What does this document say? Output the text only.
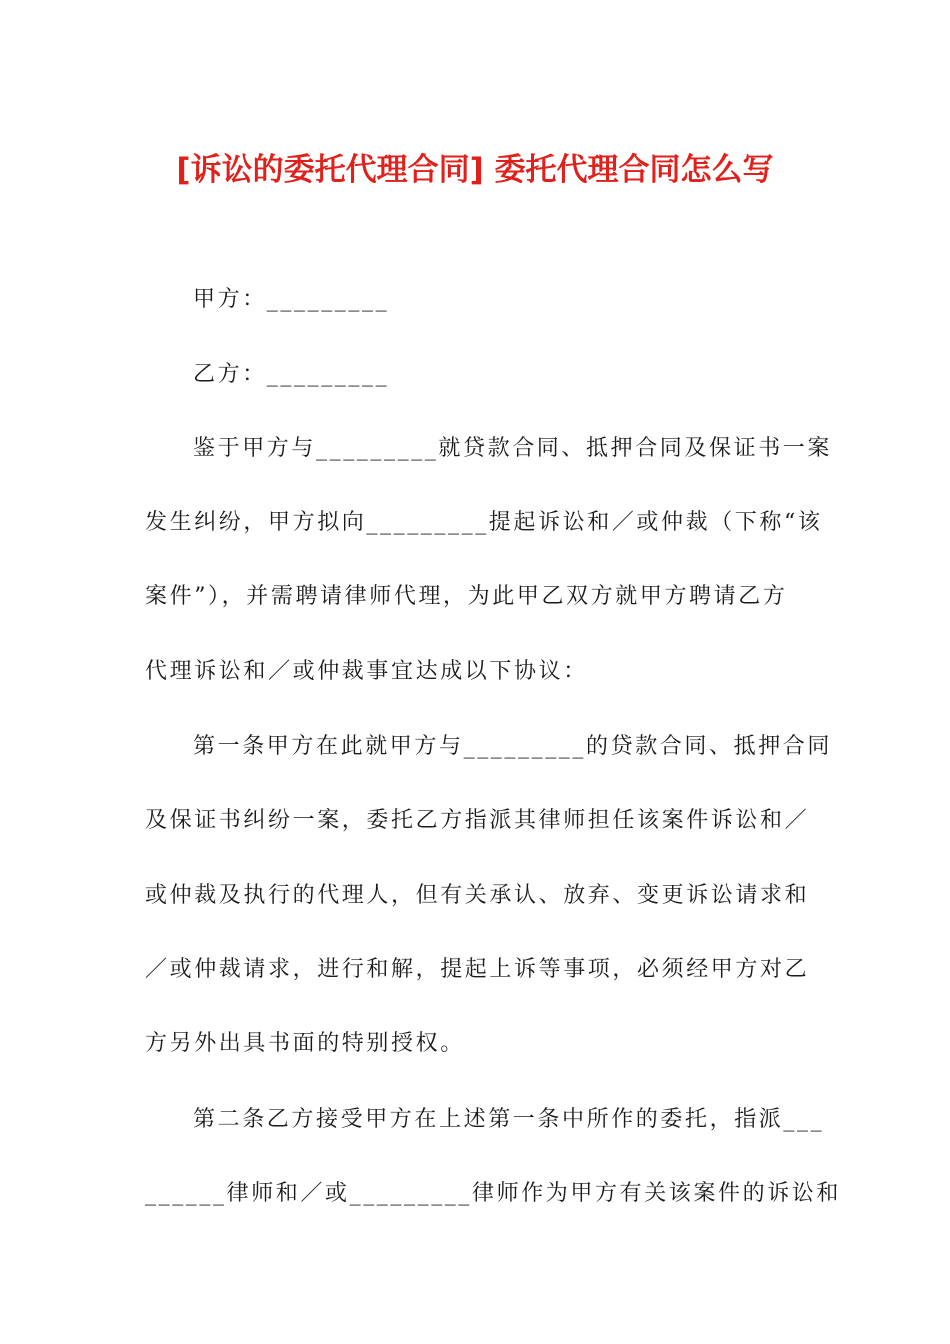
[诉讼的委托代理合同] 委托代理合同怎么写
甲方：_________
乙方：_________
鉴于甲方与_________就贷款合同、抵押合同及保证书一案
发生纠纷，甲方拟向_________提起诉讼和／或仲裁（下称“该
案件”），并需聘请律师代理，为此甲乙双方就甲方聘请乙方
代理诉讼和／或仲裁事宜达成以下协议：
第一条甲方在此就甲方与_________的贷款合同、抵押合同
及保证书纠纷一案，委托乙方指派其律师担任该案件诉讼和／
或仲裁及执行的代理人，但有关承认、放弃、变更诉讼请求和
／或仲裁请求，进行和解，提起上诉等事项，必须经甲方对乙
方另外出具书面的特别授权。
第二条乙方接受甲方在上述第一条中所作的委托，指派___
______律师和／或_________律师作为甲方有关该案件的诉讼和
